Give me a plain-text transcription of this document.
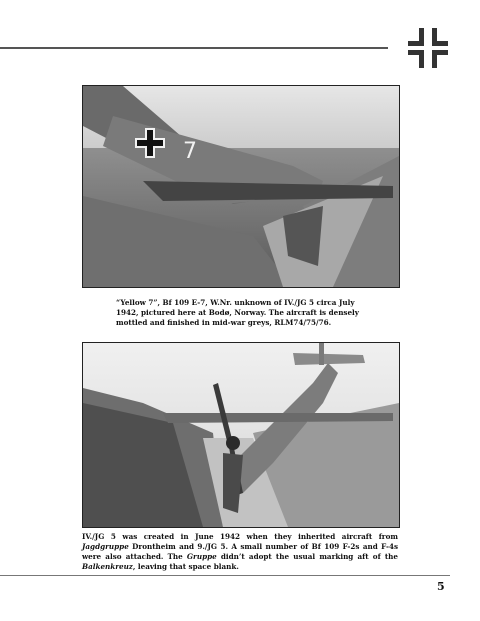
7

“Yellow 7”, Bf 109 E-7, W.Nr. unknown of IV./JG 5 circa July 1942, pictured here at Bodø, Norway. The aircraft is densely mottled and finished in mid-war greys, RLM74/75/76.

IV./JG 5 was created in June 1942 when they inherited aircraft from Jagdgruppe Drontheim and 9./JG 5. A small number of Bf 109 F-2s and F-4s were also attached. The Gruppe didn’t adopt the usual marking aft of the Balkenkreuz, leaving that space blank.

5
